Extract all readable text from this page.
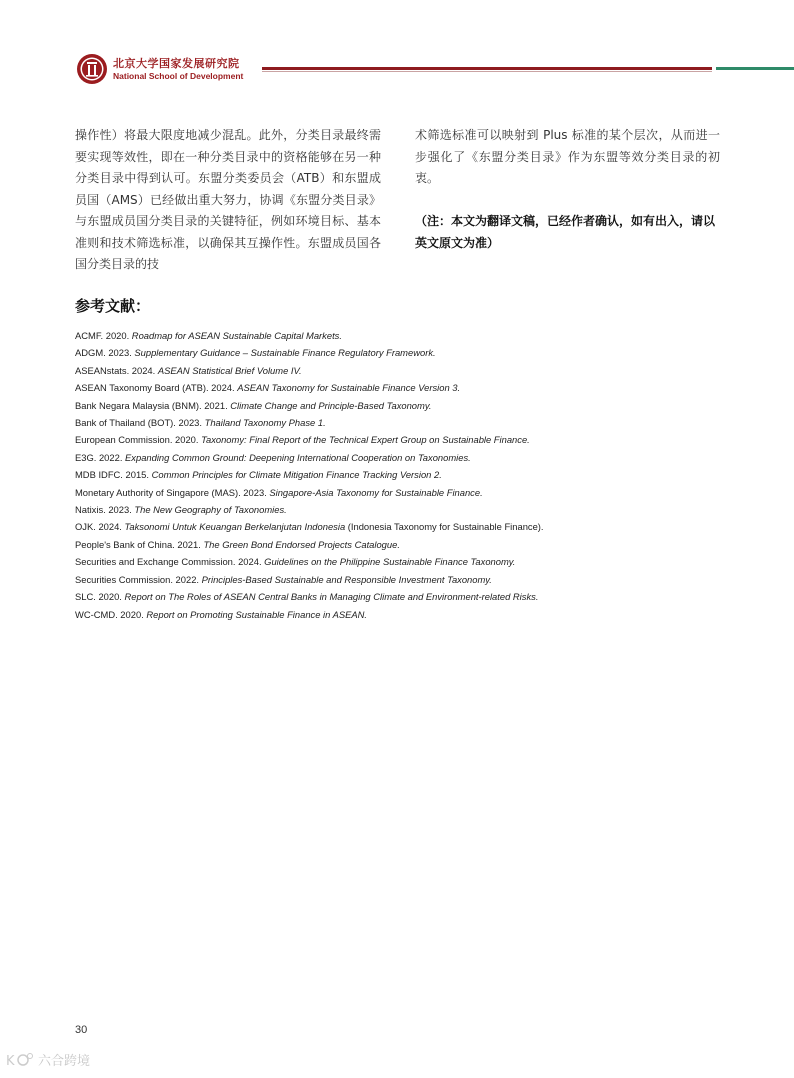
北京大学国家发展研究院
National School of Development
操作性）将最大限度地减少混乱。此外，分类目录最终需要实现等效性，即在一种分类目录中的资格能够在另一种分类目录中得到认可。东盟分类委员会（ATB）和东盟成员国（AMS）已经做出重大努力，协调《东盟分类目录》与东盟成员国分类目录的关键特征，例如环境目标、基本准则和技术筛选标准，以确保其互操作性。东盟成员国各国分类目录的技
术筛选标准可以映射到 Plus 标准的某个层次，从而进一步强化了《东盟分类目录》作为东盟等效分类目录的初衷。
（注：本文为翻译文稿，已经作者确认，如有出入，请以英文原文为准）
参考文献：
ACMF. 2020. Roadmap for ASEAN Sustainable Capital Markets.
ADGM. 2023. Supplementary Guidance – Sustainable Finance Regulatory Framework.
ASEANstats. 2024. ASEAN Statistical Brief Volume IV.
ASEAN Taxonomy Board (ATB). 2024. ASEAN Taxonomy for Sustainable Finance Version 3.
Bank Negara Malaysia (BNM). 2021. Climate Change and Principle-Based Taxonomy.
Bank of Thailand (BOT). 2023. Thailand Taxonomy Phase 1.
European Commission. 2020. Taxonomy: Final Report of the Technical Expert Group on Sustainable Finance.
E3G. 2022. Expanding Common Ground: Deepening International Cooperation on Taxonomies.
MDB IDFC. 2015. Common Principles for Climate Mitigation Finance Tracking Version 2.
Monetary Authority of Singapore (MAS). 2023. Singapore-Asia Taxonomy for Sustainable Finance.
Natixis. 2023. The New Geography of Taxonomies.
OJK. 2024. Taksonomi Untuk Keuangan Berkelanjutan Indonesia (Indonesia Taxonomy for Sustainable Finance).
People's Bank of China. 2021. The Green Bond Endorsed Projects Catalogue.
Securities and Exchange Commission. 2024. Guidelines on the Philippine Sustainable Finance Taxonomy.
Securities Commission. 2022. Principles-Based Sustainable and Responsible Investment Taxonomy.
SLC. 2020. Report on The Roles of ASEAN Central Banks in Managing Climate and Environment-related Risks.
WC-CMD. 2020. Report on Promoting Sustainable Finance in ASEAN.
30
K 六合跨境
